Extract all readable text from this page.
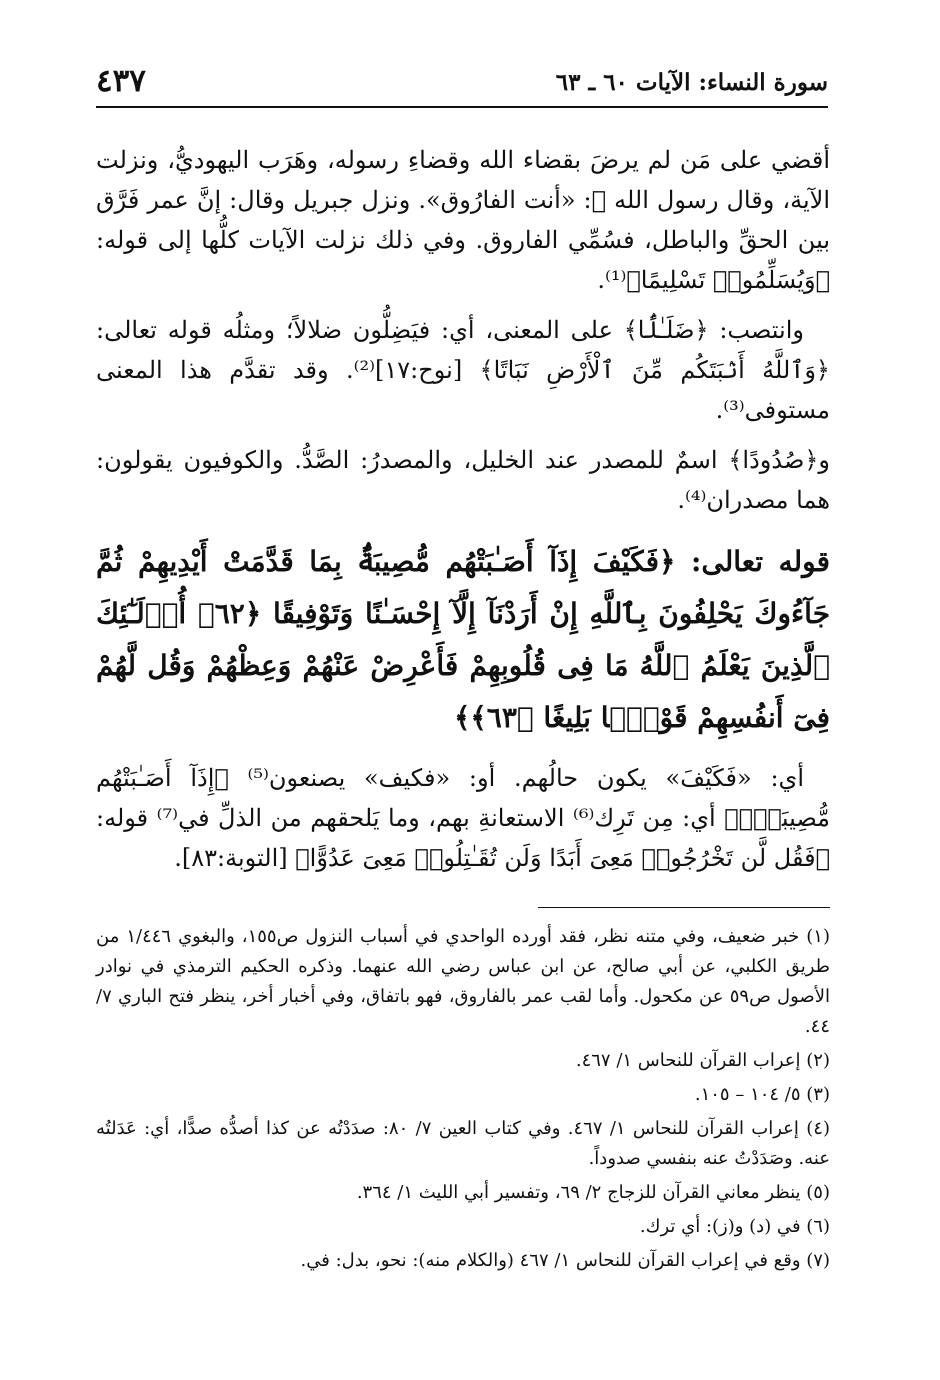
سورة النساء: الآيات ٦٠ ـ ٦٣
٤٣٧

أقضي على مَن لم يرضَ بقضاء الله وقضاءِ رسوله، وهَرَب اليهوديُّ، ونزلت الآية، وقال رسول الله ﷺ: «أنت الفارُوق». ونزل جبريل وقال: إنَّ عمر فَرَّق بين الحقِّ والباطل، فسُمِّي الفاروق. وفي ذلك نزلت الآيات كلُّها إلى قوله: ﴿وَيُسَلِّمُوا۟ تَسْلِيمًا﴾⁽¹⁾.

وانتصب: ﴿ضَلَـٰلًۢا﴾ على المعنى، أي: فيَضِلُّون ضلالاً؛ ومثلُه قوله تعالى: ﴿وَٱللَّهُ أَنۢبَتَكُم مِّنَ ٱلْأَرْضِ نَبَاتًا﴾ [نوح:١٧]⁽²⁾. وقد تقدَّم هذا المعنى مستوفى⁽³⁾.

و﴿صُدُودًا﴾ اسمٌ للمصدر عند الخليل، والمصدرُ: الصَّدُّ. والكوفيون يقولون: هما مصدران⁽⁴⁾.

قوله تعالى: ﴿فَكَيْفَ إِذَآ أَصَـٰبَتْهُم مُّصِيبَةٌۢ بِمَا قَدَّمَتْ أَيْدِيهِمْ ثُمَّ جَآءُوكَ يَحْلِفُونَ بِٱللَّهِ إِنْ أَرَدْنَآ إِلَّآ إِحْسَـٰنًا وَتَوْفِيقًا ﴿٦٢﴾ أُو۟لَـٰٓئِكَ ٱلَّذِينَ يَعْلَمُ ٱللَّهُ مَا فِى قُلُوبِهِمْ فَأَعْرِضْ عَنْهُمْ وَعِظْهُمْ وَقُل لَّهُمْ فِىٓ أَنفُسِهِمْ قَوْلًۢا بَلِيغًا ﴿٦٣﴾﴾

أي: «فَكَيْفَ» يكون حالُهم. أو: «فكيف» يصنعون⁽⁵⁾ ﴿إِذَآ أَصَـٰبَتْهُم مُّصِيبَةٌۢ﴾ أي: مِن تَرِك⁽⁶⁾ الاستعانةِ بهم، وما يَلحقهم من الذلِّ في⁽⁷⁾ قوله: ﴿فَقُل لَّن تَخْرُجُوا۟ مَعِىَ أَبَدًا وَلَن تُقَـٰتِلُوا۟ مَعِىَ عَدُوًّا﴾ [التوبة:٨٣].

(١) خبر ضعيف، وفي متنه نظر، فقد أورده الواحدي في أسباب النزول ص١٥٥، والبغوي ١/٤٤٦ من طريق الكلبي، عن أبي صالح، عن ابن عباس رضي الله عنهما. وذكره الحكيم الترمذي في نوادر الأصول ص٥٩ عن مكحول. وأما لقب عمر بالفاروق، فهو باتفاق، وفي أخبار أخر، ينظر فتح الباري ٧/ ٤٤.
(٢) إعراب القرآن للنحاس ١/ ٤٦٧.
(٣) ٥/ ١٠٤ – ١٠٥.
(٤) إعراب القرآن للنحاس ١/ ٤٦٧. وفي كتاب العين ٧/ ٨٠: صدَدْتُه عن كذا أصدُّه صدًّا، أي: عَدَلتُه عنه. وصَدَدْتُ عنه بنفسي صدوداً.
(٥) ينظر معاني القرآن للزجاج ٢/ ٦٩، وتفسير أبي الليث ١/ ٣٦٤.
(٦) في (د) و(ز): أي ترك.
(٧) وقع في إعراب القرآن للنحاس ١/ ٤٦٧ (والكلام منه): نحو، بدل: في.
